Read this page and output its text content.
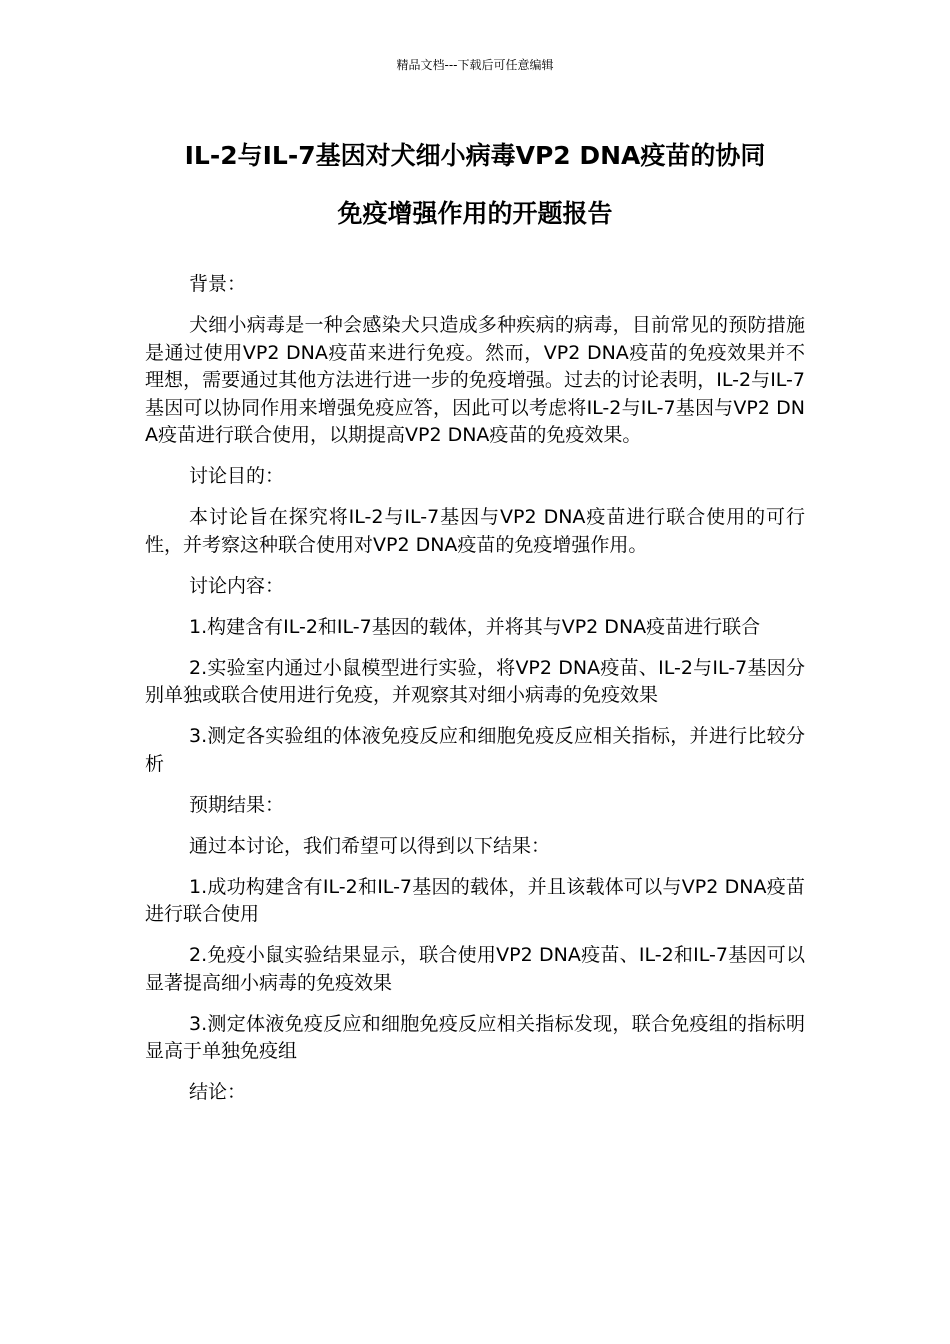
精品文档---下载后可任意编辑
IL-2与IL-7基因对犬细小病毒VP2 DNA疫苗的协同
免疫增强作用的开题报告

背景：

犬细小病毒是一种会感染犬只造成多种疾病的病毒，目前常见的预防措施是通过使用VP2 DNA疫苗来进行免疫。然而，VP2 DNA疫苗的免疫效果并不理想，需要通过其他方法进行进一步的免疫增强。过去的讨论表明，IL-2与IL-7基因可以协同作用来增强免疫应答，因此可以考虑将IL-2与IL-7基因与VP2 DNA疫苗进行联合使用，以期提高VP2 DNA疫苗的免疫效果。

讨论目的：

本讨论旨在探究将IL-2与IL-7基因与VP2 DNA疫苗进行联合使用的可行性，并考察这种联合使用对VP2 DNA疫苗的免疫增强作用。

讨论内容：

1.构建含有IL-2和IL-7基因的载体，并将其与VP2 DNA疫苗进行联合

2.实验室内通过小鼠模型进行实验，将VP2 DNA疫苗、IL-2与IL-7基因分别单独或联合使用进行免疫，并观察其对细小病毒的免疫效果

3.测定各实验组的体液免疫反应和细胞免疫反应相关指标，并进行比较分析

预期结果：

通过本讨论，我们希望可以得到以下结果：

1.成功构建含有IL-2和IL-7基因的载体，并且该载体可以与VP2 DNA疫苗进行联合使用

2.免疫小鼠实验结果显示，联合使用VP2 DNA疫苗、IL-2和IL-7基因可以显著提高细小病毒的免疫效果

3.测定体液免疫反应和细胞免疫反应相关指标发现，联合免疫组的指标明显高于单独免疫组

结论：
